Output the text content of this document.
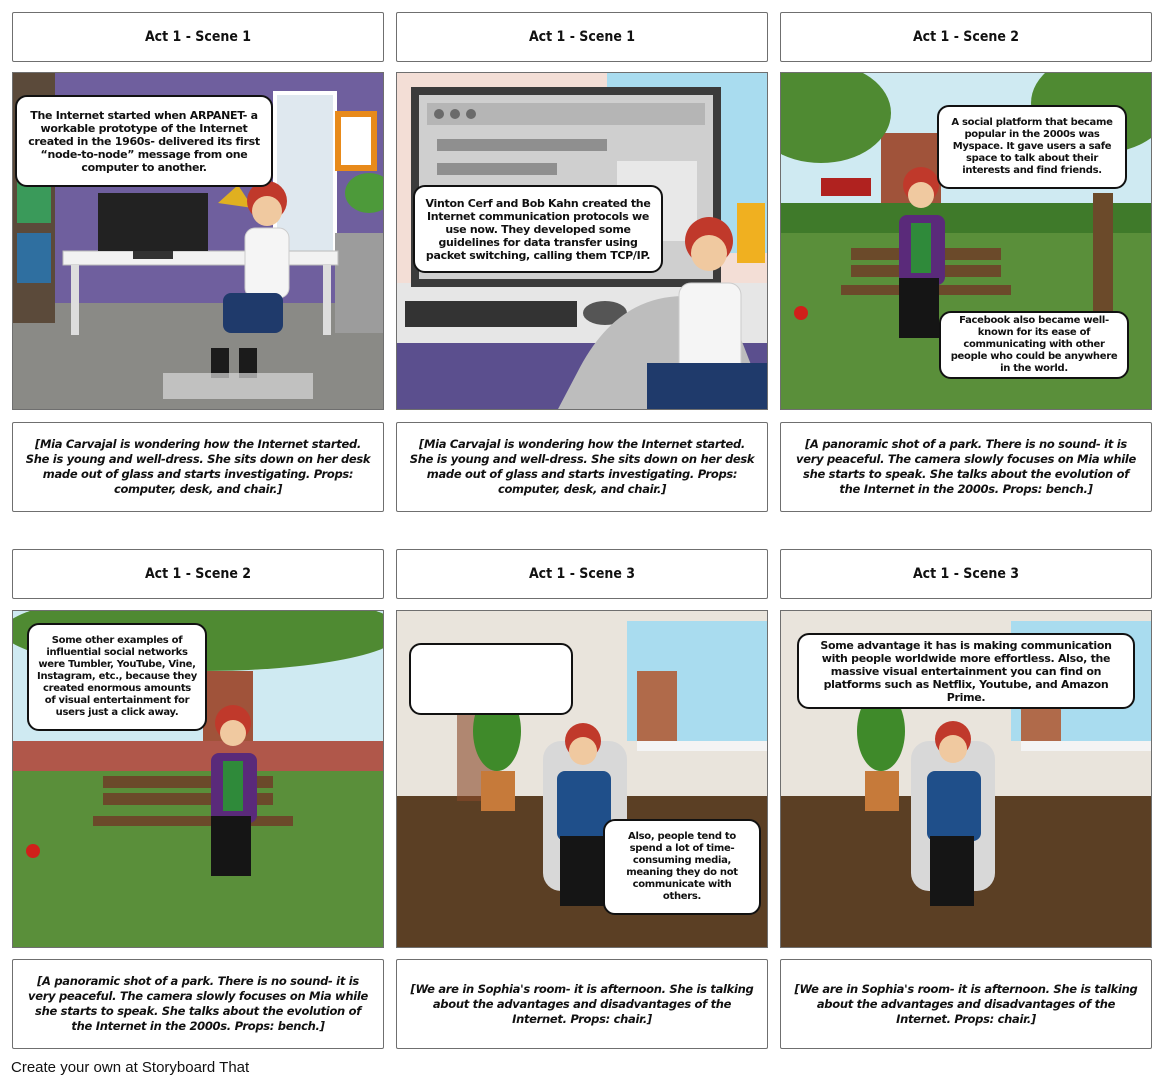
Act 1 - Scene 1	Act 1 - Scene 1	Act 1 - Scene 2
The Internet started when ARPANET- a workable prototype of the Internet created in the 1960s- delivered its first “node-to-node” message from one computer to another.
Vinton Cerf and Bob Kahn created the Internet communication protocols we use now. They developed some guidelines for data transfer using packet switching, calling them TCP/IP.
A social platform that became popular in the 2000s was Myspace. It gave users a safe space to talk about their interests and find friends.
Facebook also became well-known for its ease of communicating with other people who could be anywhere in the world.
[Mia Carvajal is wondering how the Internet started. She is young and well-dress. She sits down on her desk made out of glass and starts investigating. Props: computer, desk, and chair.]
[Mia Carvajal is wondering how the Internet started. She is young and well-dress. She sits down on her desk made out of glass and starts investigating. Props: computer, desk, and chair.]
[A panoramic shot of a park. There is no sound- it is very peaceful. The camera slowly focuses on Mia while she starts to speak. She talks about the evolution of the Internet in the 2000s. Props: bench.]
Act 1 - Scene 2	Act 1 - Scene 3	Act 1 - Scene 3
Some other examples of influential social networks were Tumbler, YouTube, Vine, Instagram, etc., because they created enormous amounts of visual entertainment for users just a click away.
Also, people tend to spend a lot of time-consuming media, meaning they do not communicate with others.
Some advantage it has is making communication with people worldwide more effortless. Also, the massive visual entertainment you can find on platforms such as Netflix, Youtube, and Amazon Prime.
[A panoramic shot of a park. There is no sound- it is very peaceful. The camera slowly focuses on Mia while she starts to speak. She talks about the evolution of the Internet in the 2000s. Props: bench.]
[We are in Sophia's room- it is afternoon. She is talking about the advantages and disadvantages of the Internet. Props: chair.]
[We are in Sophia's room- it is afternoon. She is talking about the advantages and disadvantages of the Internet. Props: chair.]
Create your own at Storyboard That
